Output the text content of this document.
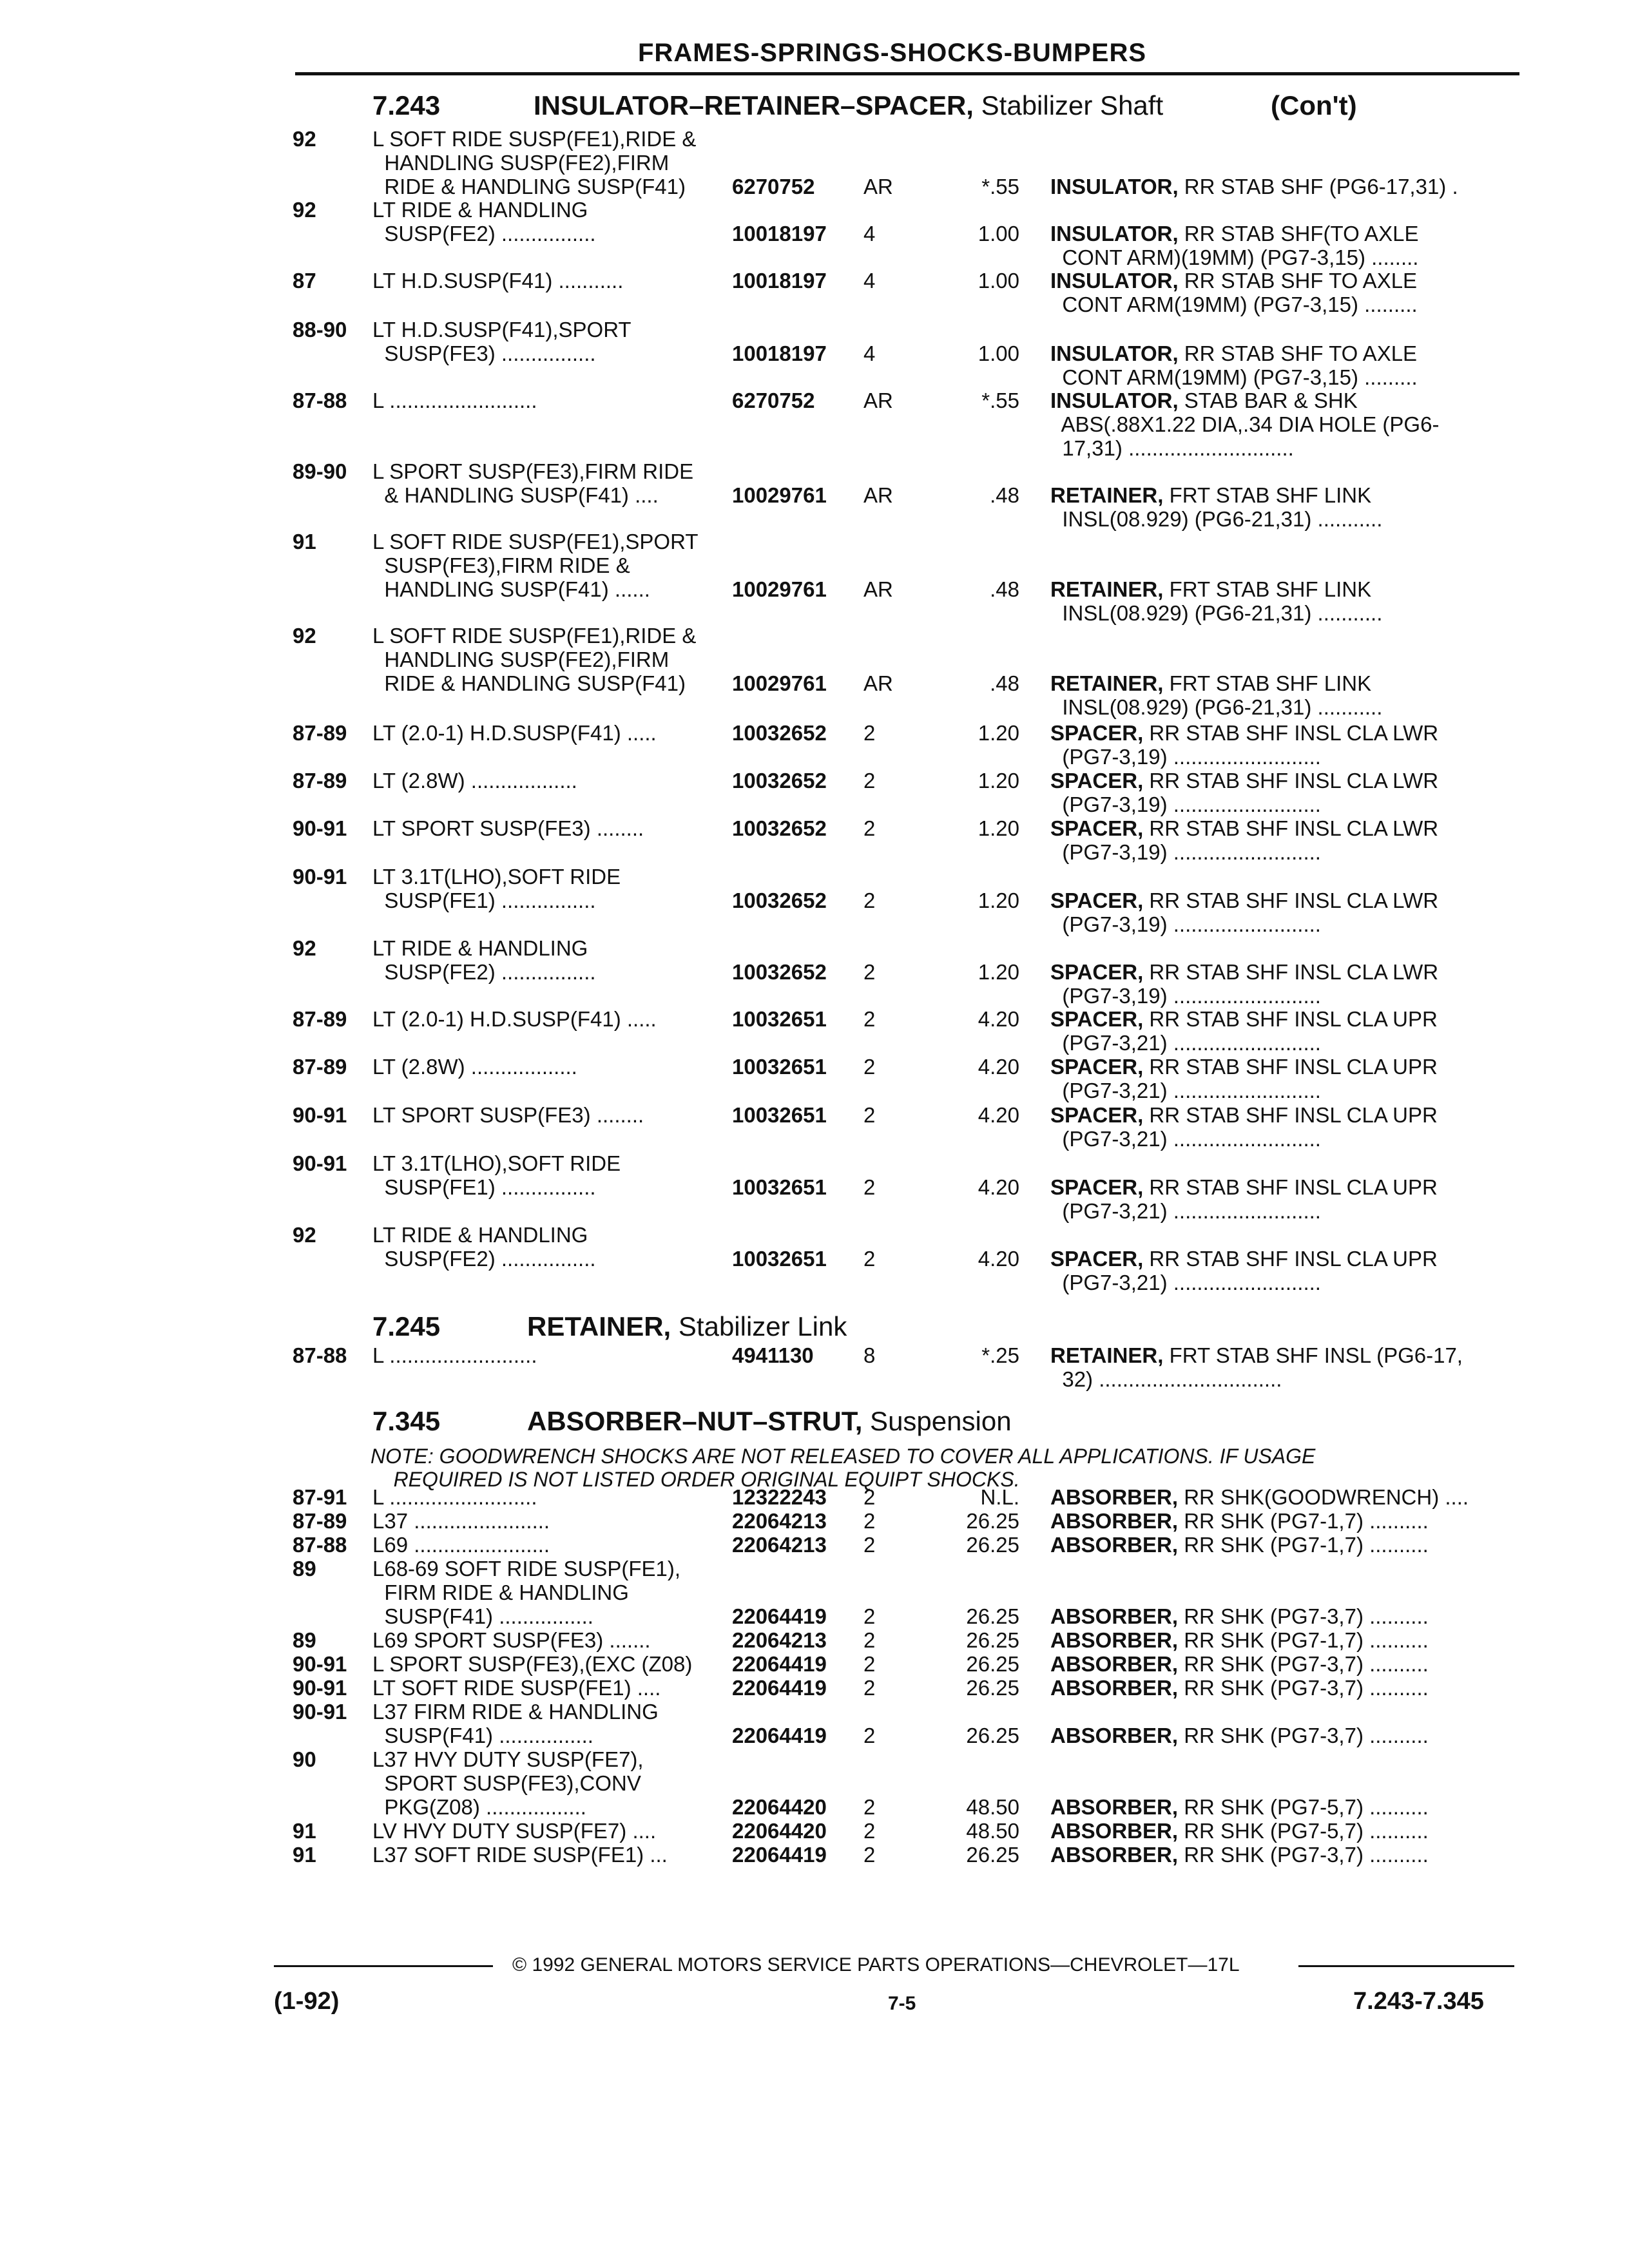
FRAMES-SPRINGS-SHOCKS-BUMPERS
7.243	INSULATOR–RETAINER–SPACER, Stabilizer Shaft	(Con't)
7.245	RETAINER, Stabilizer Link
7.345	ABSORBER–NUT–STRUT, Suspension
NOTE: GOODWRENCH SHOCKS ARE NOT RELEASED TO COVER ALL APPLICATIONS. IF USAGE
REQUIRED IS NOT LISTED ORDER ORIGINAL EQUIPT SHOCKS.
92	L SOFT RIDE SUSP(FE1),RIDE &
HANDLING SUSP(FE2),FIRM
RIDE & HANDLING SUSP(F41)	6270752 AR	*.55 INSULATOR, RR STAB SHF (PG6-17,31) .
92	LT RIDE & HANDLING
SUSP(FE2) ................	10018197 4	1.00 INSULATOR, RR STAB SHF(TO AXLE
CONT ARM)(19MM) (PG7-3,15) ........
87	LT H.D.SUSP(F41) ...........	10018197 4	1.00 INSULATOR, RR STAB SHF TO AXLE
CONT ARM(19MM) (PG7-3,15) .........
88-90 LT H.D.SUSP(F41),SPORT
SUSP(FE3) ................	10018197 4	1.00 INSULATOR, RR STAB SHF TO AXLE
CONT ARM(19MM) (PG7-3,15) .........
87-88 L .........................	6270752 AR	*.55 INSULATOR, STAB BAR & SHK
ABS(.88X1.22 DIA,.34 DIA HOLE (PG6-
17,31) ............................
89-90 L SPORT SUSP(FE3),FIRM RIDE
& HANDLING SUSP(F41) ....	10029761 AR	.48 RETAINER, FRT STAB SHF LINK
INSL(08.929) (PG6-21,31) ...........
91	L SOFT RIDE SUSP(FE1),SPORT
SUSP(FE3),FIRM RIDE &
HANDLING SUSP(F41) ......	10029761 AR	.48 RETAINER, FRT STAB SHF LINK
INSL(08.929) (PG6-21,31) ...........
92	L SOFT RIDE SUSP(FE1),RIDE &
HANDLING SUSP(FE2),FIRM
RIDE & HANDLING SUSP(F41)	10029761 AR	.48 RETAINER, FRT STAB SHF LINK
INSL(08.929) (PG6-21,31) ...........
87-89 LT (2.0-1) H.D.SUSP(F41) .....	10032652 2	1.20 SPACER, RR STAB SHF INSL CLA LWR
(PG7-3,19) .........................
87-89 LT (2.8W) ..................	10032652 2	1.20 SPACER, RR STAB SHF INSL CLA LWR
(PG7-3,19) .........................
90-91 LT SPORT SUSP(FE3) ........	10032652 2	1.20 SPACER, RR STAB SHF INSL CLA LWR
(PG7-3,19) .........................
90-91 LT 3.1T(LHO),SOFT RIDE
SUSP(FE1) ................	10032652 2	1.20 SPACER, RR STAB SHF INSL CLA LWR
(PG7-3,19) .........................
92	LT RIDE & HANDLING
SUSP(FE2) ................	10032652 2	1.20 SPACER, RR STAB SHF INSL CLA LWR
(PG7-3,19) .........................
87-89 LT (2.0-1) H.D.SUSP(F41) .....	10032651 2	4.20 SPACER, RR STAB SHF INSL CLA UPR
(PG7-3,21) .........................
87-89 LT (2.8W) ..................	10032651 2	4.20 SPACER, RR STAB SHF INSL CLA UPR
(PG7-3,21) .........................
90-91 LT SPORT SUSP(FE3) ........	10032651 2	4.20 SPACER, RR STAB SHF INSL CLA UPR
(PG7-3,21) .........................
90-91 LT 3.1T(LHO),SOFT RIDE
SUSP(FE1) ................	10032651 2	4.20 SPACER, RR STAB SHF INSL CLA UPR
(PG7-3,21) .........................
92	LT RIDE & HANDLING
SUSP(FE2) ................	10032651 2	4.20 SPACER, RR STAB SHF INSL CLA UPR
(PG7-3,21) .........................
87-88 L .........................	4941130 8	*.25 RETAINER, FRT STAB SHF INSL (PG6-17,
32) ...............................
87-91 L .........................	12322243 2	N.L. ABSORBER, RR SHK(GOODWRENCH) ....
87-89 L37 .......................	22064213 2	26.25 ABSORBER, RR SHK (PG7-1,7) ..........
87-88 L69 .......................	22064213 2	26.25 ABSORBER, RR SHK (PG7-1,7) ..........
89	L68-69 SOFT RIDE SUSP(FE1),
FIRM RIDE & HANDLING
SUSP(F41) ................	22064419 2	26.25 ABSORBER, RR SHK (PG7-3,7) ..........
89	L69 SPORT SUSP(FE3) .......	22064213 2	26.25 ABSORBER, RR SHK (PG7-1,7) ..........
90-91 L SPORT SUSP(FE3),(EXC (Z08) 22064419 2	26.25 ABSORBER, RR SHK (PG7-3,7) ..........
90-91 LT SOFT RIDE SUSP(FE1) ....	22064419 2	26.25 ABSORBER, RR SHK (PG7-3,7) ..........
90-91 L37 FIRM RIDE & HANDLING
SUSP(F41) ................	22064419 2	26.25 ABSORBER, RR SHK (PG7-3,7) ..........
90	L37 HVY DUTY SUSP(FE7),
SPORT SUSP(FE3),CONV
PKG(Z08) .................	22064420 2	48.50 ABSORBER, RR SHK (PG7-5,7) ..........
91	LV HVY DUTY SUSP(FE7) ....	22064420 2	48.50 ABSORBER, RR SHK (PG7-5,7) ..........
91	L37 SOFT RIDE SUSP(FE1) ...	22064419 2	26.25 ABSORBER, RR SHK (PG7-3,7) ..........
© 1992 GENERAL MOTORS SERVICE PARTS OPERATIONS—CHEVROLET—17L
(1-92)	7-5	7.243-7.345
